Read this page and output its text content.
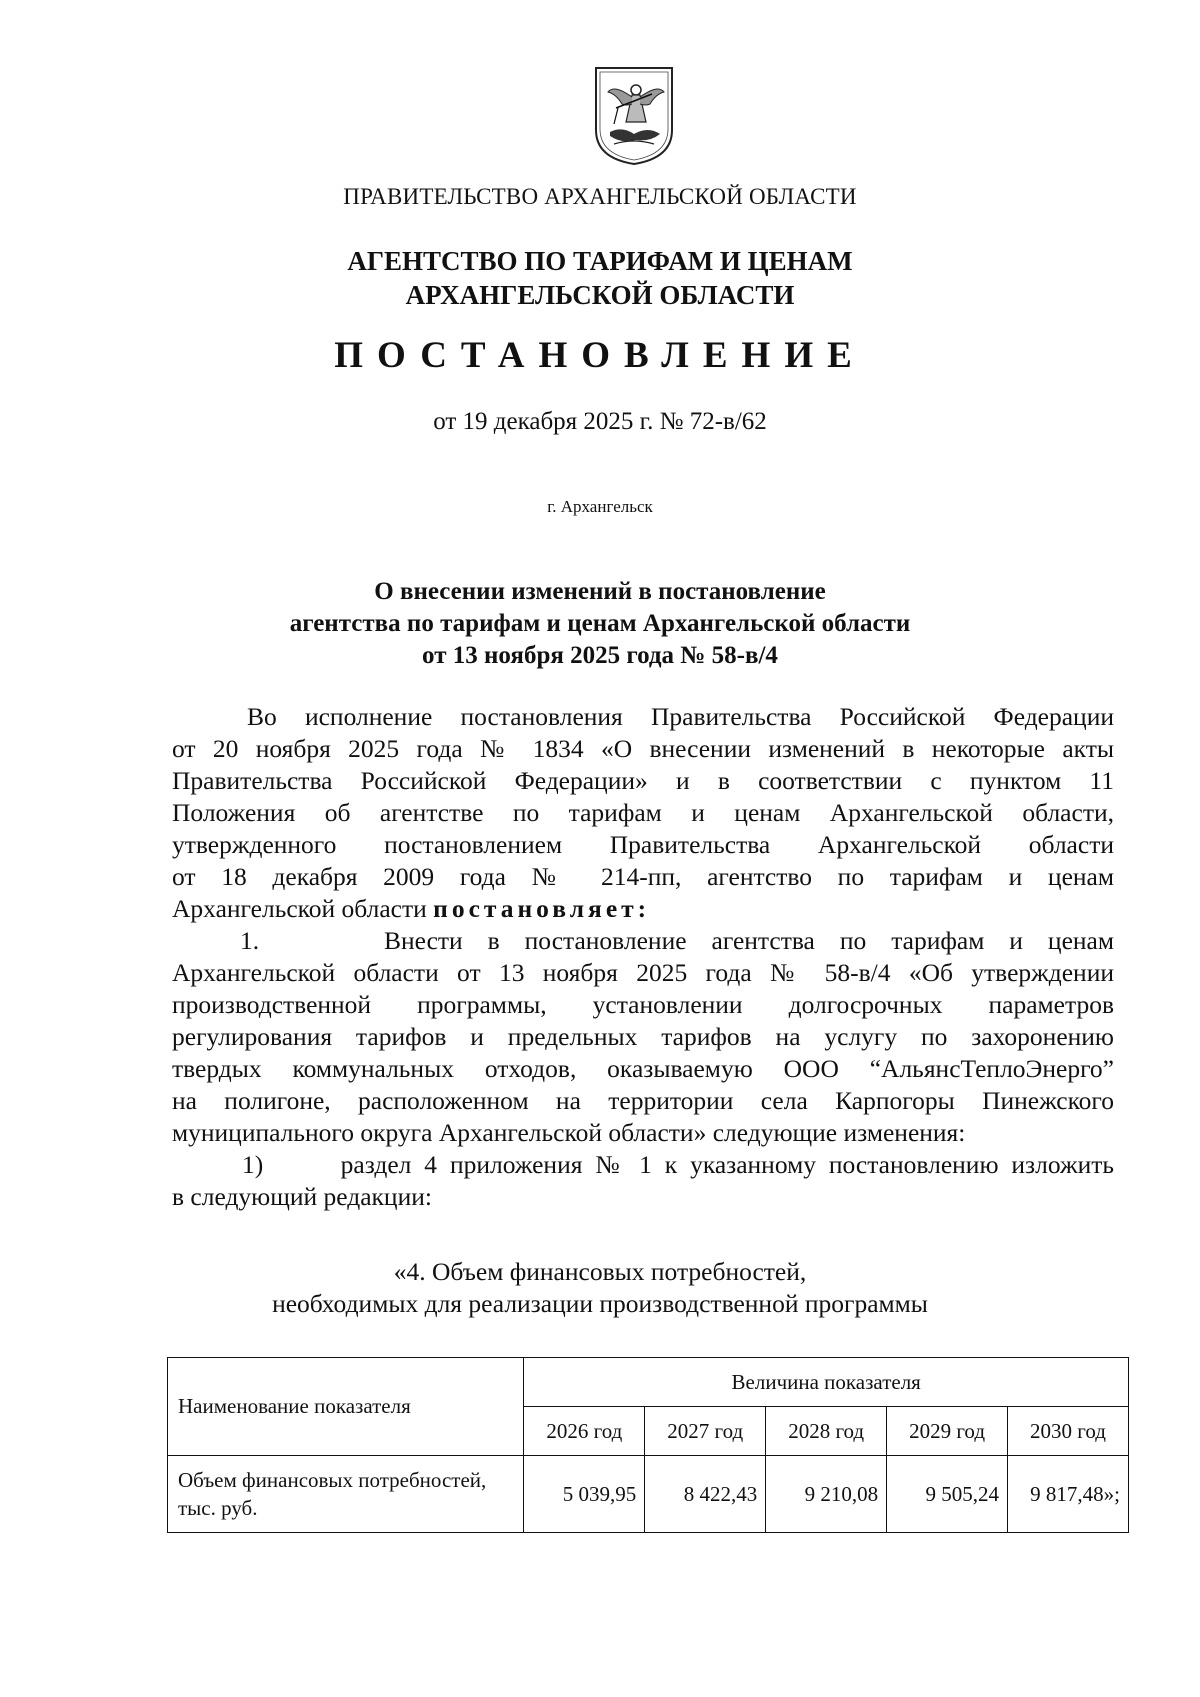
ПРАВИТЕЛЬСТВО АРХАНГЕЛЬСКОЙ ОБЛАСТИ
АГЕНТСТВО ПО ТАРИФАМ И ЦЕНАМ
АРХАНГЕЛЬСКОЙ ОБЛАСТИ
ПОСТАНОВЛЕНИЕ
от 19 декабря 2025 г. № 72-в/62
г. Архангельск
О внесении изменений в постановление
агентства по тарифам и ценам Архангельской области
от 13 ноября 2025 года № 58-в/4
Во исполнение постановления Правительства Российской Федерации
от 20 ноября 2025 года № 1834 «О внесении изменений в некоторые акты
Правительства Российской Федерации» и в соответствии с пунктом 11
Положения об агентстве по тарифам и ценам Архангельской области,
утвержденного постановлением Правительства Архангельской области
от 18 декабря 2009 года № 214-пп, агентство по тарифам и ценам
Архангельской области постановляет:
1.     Внести в постановление агентства по тарифам и ценам
Архангельской области от 13 ноября 2025 года № 58-в/4 «Об утверждении
производственной программы, установлении долгосрочных параметров
регулирования тарифов и предельных тарифов на услугу по захоронению
твердых коммунальных отходов, оказываемую ООО “АльянсТеплоЭнерго”
на полигоне, расположенном на территории села Карпогоры Пинежского
муниципального округа Архангельской области» следующие изменения:
1)      раздел 4 приложения № 1 к указанному постановлению изложить
в следующий редакции:
«4. Объем финансовых потребностей,
необходимых для реализации производственной программы
Наименование показателя	Величина показателя				
	2026 год	2027 год	2028 год	2029 год	2030 год
Объем финансовых потребностей, тыс. руб.	5 039,95	8 422,43	9 210,08	9 505,24	9 817,48»;
